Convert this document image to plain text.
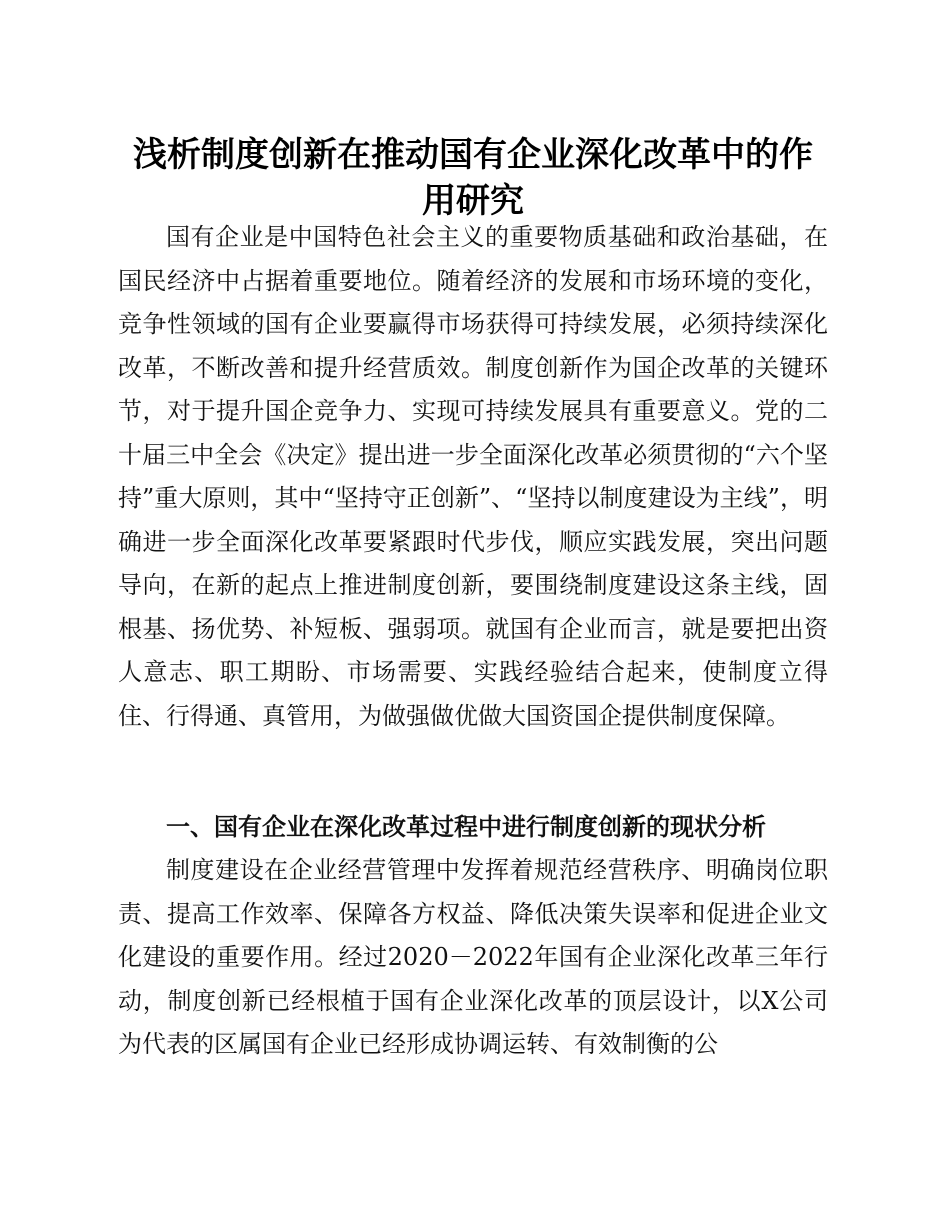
浅析制度创新在推动国有企业深化改革中的作用研究

国有企业是中国特色社会主义的重要物质基础和政治基础，在国民经济中占据着重要地位。随着经济的发展和市场环境的变化，竞争性领域的国有企业要赢得市场获得可持续发展，必须持续深化改革，不断改善和提升经营质效。制度创新作为国企改革的关键环节，对于提升国企竞争力、实现可持续发展具有重要意义。党的二十届三中全会《决定》提出进一步全面深化改革必须贯彻的“六个坚持”重大原则，其中“坚持守正创新”、“坚持以制度建设为主线”，明确进一步全面深化改革要紧跟时代步伐，顺应实践发展，突出问题导向，在新的起点上推进制度创新，要围绕制度建设这条主线，固根基、扬优势、补短板、强弱项。就国有企业而言，就是要把出资人意志、职工期盼、市场需要、实践经验结合起来，使制度立得住、行得通、真管用，为做强做优做大国资国企提供制度保障。

一、国有企业在深化改革过程中进行制度创新的现状分析

制度建设在企业经营管理中发挥着规范经营秩序、明确岗位职责、提高工作效率、保障各方权益、降低决策失误率和促进企业文化建设的重要作用。经过2020－2022年国有企业深化改革三年行动，制度创新已经根植于国有企业深化改革的顶层设计，以X公司为代表的区属国有企业已经形成协调运转、有效制衡的公
